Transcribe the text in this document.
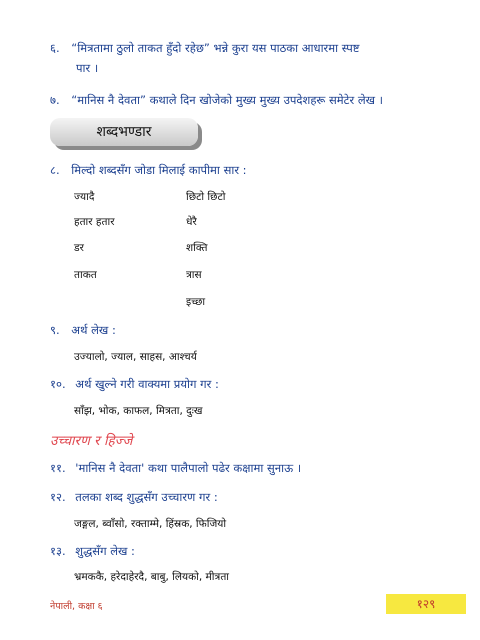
६. “मित्रतामा ठुलो ताकत हुँदो रहेछ” भन्ने कुरा यस पाठका आधारमा स्पष्ट
पार ।
७. “मानिस नै देवता” कथाले दिन खोजेको मुख्य मुख्य उपदेशहरू समेटेर लेख ।
शब्दभण्डार
८. मिल्दो शब्दसँग जोडा मिलाई कापीमा सार :
ज्यादै
हतार हतार
डर
ताकत
छिटो छिटो
धेरै
शक्ति
त्रास
इच्छा
९. अर्थ लेख :
उज्यालो, ज्याल, साहस, आश्चर्य
१०. अर्थ खुल्ने गरी वाक्यमा प्रयोग गर :
साँझ, भोक, काफल, मित्रता, दुःख
उच्चारण र हिज्जे
११. 'मानिस नै देवता' कथा पालैपालो पढेर कक्षामा सुनाऊ ।
१२. तलका शब्द शुद्धसँग उच्चारण गर :
जङ्गल, ब्वाँसो, रक्ताम्मे, हिंस्रक, फिजियो
१३. शुद्धसँग लेख :
भ्रमककै, हरेदाहेरदै, बाबु, लियको, मीत्रता
नेपाली, कक्षा ६	१२९
